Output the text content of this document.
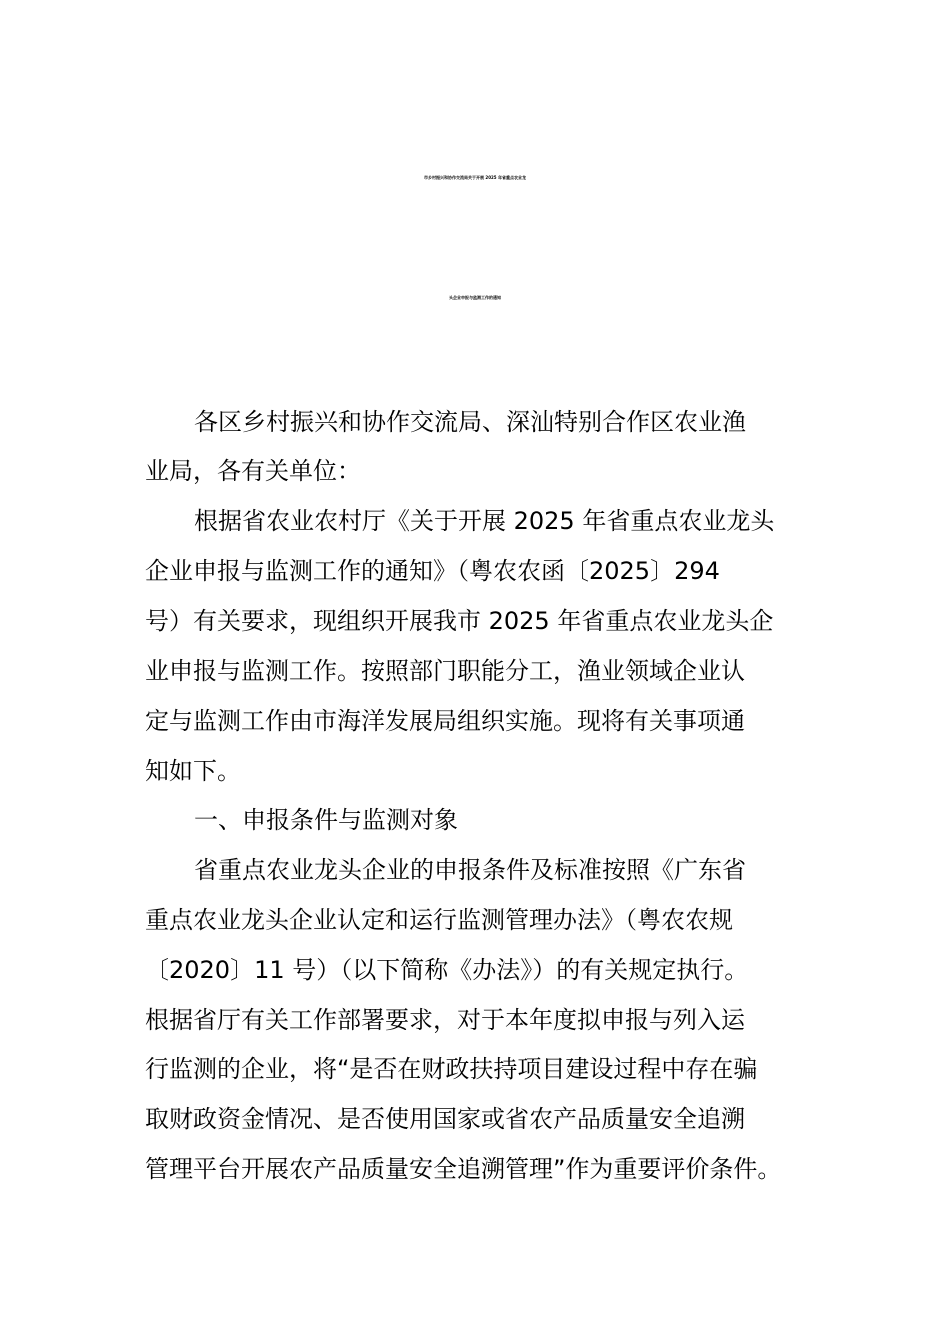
市乡村振兴和协作交流局关于开展 2025 年省重点农业龙
头企业申报与监测工作的通知
各区乡村振兴和协作交流局、深汕特别合作区农业渔
业局，各有关单位：
根据省农业农村厅《关于开展 2025 年省重点农业龙头
企业申报与监测工作的通知》（粤农农函〔2025〕294
号）有关要求，现组织开展我市 2025 年省重点农业龙头企
业申报与监测工作。按照部门职能分工，渔业领域企业认
定与监测工作由市海洋发展局组织实施。现将有关事项通
知如下。
一、申报条件与监测对象
省重点农业龙头企业的申报条件及标准按照《广东省
重点农业龙头企业认定和运行监测管理办法》（粤农农规
〔2020〕11 号）（以下简称《办法》）的有关规定执行。
根据省厅有关工作部署要求，对于本年度拟申报与列入运
行监测的企业，将“是否在财政扶持项目建设过程中存在骗
取财政资金情况、是否使用国家或省农产品质量安全追溯
管理平台开展农产品质量安全追溯管理”作为重要评价条件。
